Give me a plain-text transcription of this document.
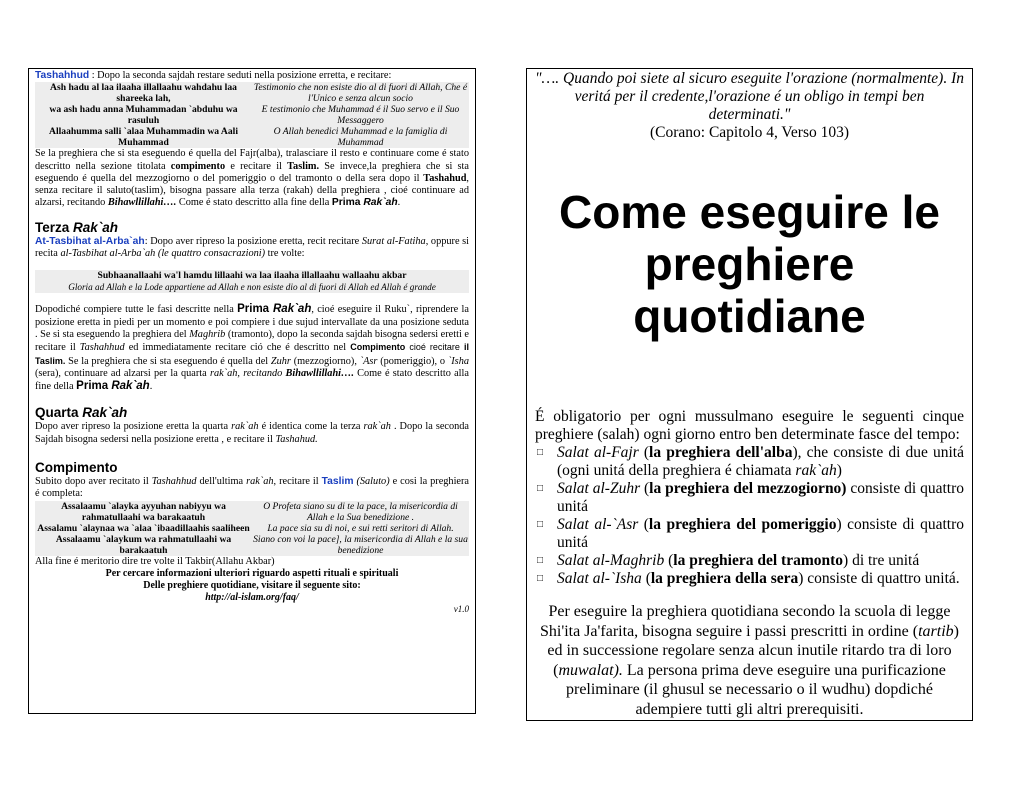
Tashahhud : Dopo la seconda sajdah restare seduti nella posizione erretta, e recitare:

Ash hadu al laa ilaaha illallaahu wahdahu laa shareeka lah,
Testimonio che non esiste dio al di fuori di Allah, Che é l'Unico e senza alcun socio
wa ash hadu anna Muhammadan `abduhu wa rasuluh
E testimonio che Muhammad é il Suo servo e il Suo Messaggero
Allaahumma salli `alaa Muhammadin wa Aali Muhammad
O Allah benedici Muhammad e la famiglia di Muhammad

Se la preghiera che si sta eseguendo é quella del Fajr(alba), tralasciare il resto e continuare come é stato descritto nella sezione titolata compimento e recitare il Taslim. Se invece,la preghiera che si sta eseguendo é quella del mezzogiorno o del pomeriggio o del tramonto o della sera dopo il Tashahud, senza recitare il saluto(taslim), bisogna passare alla terza (rakah) della preghiera , cioé continuare ad alzarsi, recitando Bihawllillahi…. Come é stato descritto alla fine della Prima Rak`ah.

Terza Rak`ah

At-Tasbihat al-Arba`ah: Dopo aver ripreso la posizione eretta, recit recitare Surat al-Fatiha, oppure si recita al-Tasbihat al-Arba`ah (le quattro consacrazioni) tre volte:

Subhaanallaahi wa'l hamdu lillaahi wa laa ilaaha illallaahu wallaahu akbar
Gloria ad Allah e la Lode appartiene ad Allah e non esiste dio al di fuori di Allah ed Allah é grande

Dopodiché compiere tutte le fasi descritte nella Prima Rak`ah, cioé eseguire il Ruku`, riprendere la posizione eretta in piedi per un momento e poi compiere i due sujud intervallate da una posizione seduta . Se si sta eseguendo la preghiera del Maghrib (tramonto), dopo la seconda sajdah bisogna sedersi eretti e recitare il Tashahhud ed immediatamente recitare ció che é descritto nel Compimento cioé recitare il Taslim. Se la preghiera che si sta eseguendo é quella del Zuhr (mezzogiorno), `Asr (pomeriggio), o `Isha (sera), continuare ad alzarsi per la quarta rak`ah, recitando Bihawllillahi…. Come é stato descritto alla fine della Prima Rak`ah.

Quarta Rak`ah

Dopo aver ripreso la posizione eretta la quarta rak`ah é identica come la terza rak`ah . Dopo la seconda Sajdah bisogna sedersi nella posizione eretta , e recitare il Tashahud.

Compimento

Subito dopo aver recitato il Tashahhud dell'ultima rak`ah, recitare il Taslim (Saluto) e cosi la preghiera é completa:

Assalaamu `alayka ayyuhan nabiyyu wa rahmatullaahi wa barakaatuh
O Profeta siano su di te la pace, la misericordia di Allah e la Sua benedizione .
Assalamu `alaynaa wa `alaa `ibaadillaahis saaliheen	La pace sia su di noi, e sui retti seritori di Allah.
Assalaamu `alaykum wa rahmatullaahi wa barakaatuh
Siano con voi la pace], la misericordia di Allah e la sua benedizione

Alla fine é meritorio dire tre volte il Takbir(Allahu Akbar)

Per cercare informazioni ulteriori riguardo aspetti rituali e spirituali
Delle preghiere quotidiane, visitare il seguente sito:
http://al-islam.org/faq/
v1.0

"…. Quando poi siete al sicuro eseguite l'orazione (normalmente). In veritá per il credente,l'orazione é un obligo in tempi ben determinati."

(Corano: Capitolo 4, Verso 103)

Come eseguire le preghiere quotidiane

É obligatorio per ogni mussulmano eseguire le seguenti cinque preghiere (salah) ogni giorno entro ben determinate fasce del tempo:

□ Salat al-Fajr (la preghiera dell'alba), che consiste di due unitá (ogni unitá della preghiera é chiamata rak`ah)
□ Salat al-Zuhr (la preghiera del mezzogiorno) consiste di quattro unitá
□ Salat al-`Asr (la preghiera del pomeriggio) consiste di quattro unitá
□ Salat al-Maghrib (la preghiera del tramonto) di tre unitá
□ Salat al-`Isha (la preghiera della sera) consiste di quattro unitá.

Per eseguire la preghiera quotidiana secondo la scuola di legge Shi'ita Ja'farita, bisogna seguire i passi prescritti in ordine (tartib) ed in successione regolare senza alcun inutile ritardo tra di loro (muwalat). La persona prima deve eseguire una purificazione preliminare (il ghusul se necessario o il wudhu) dopdiché adempiere tutti gli altri prerequisiti.
